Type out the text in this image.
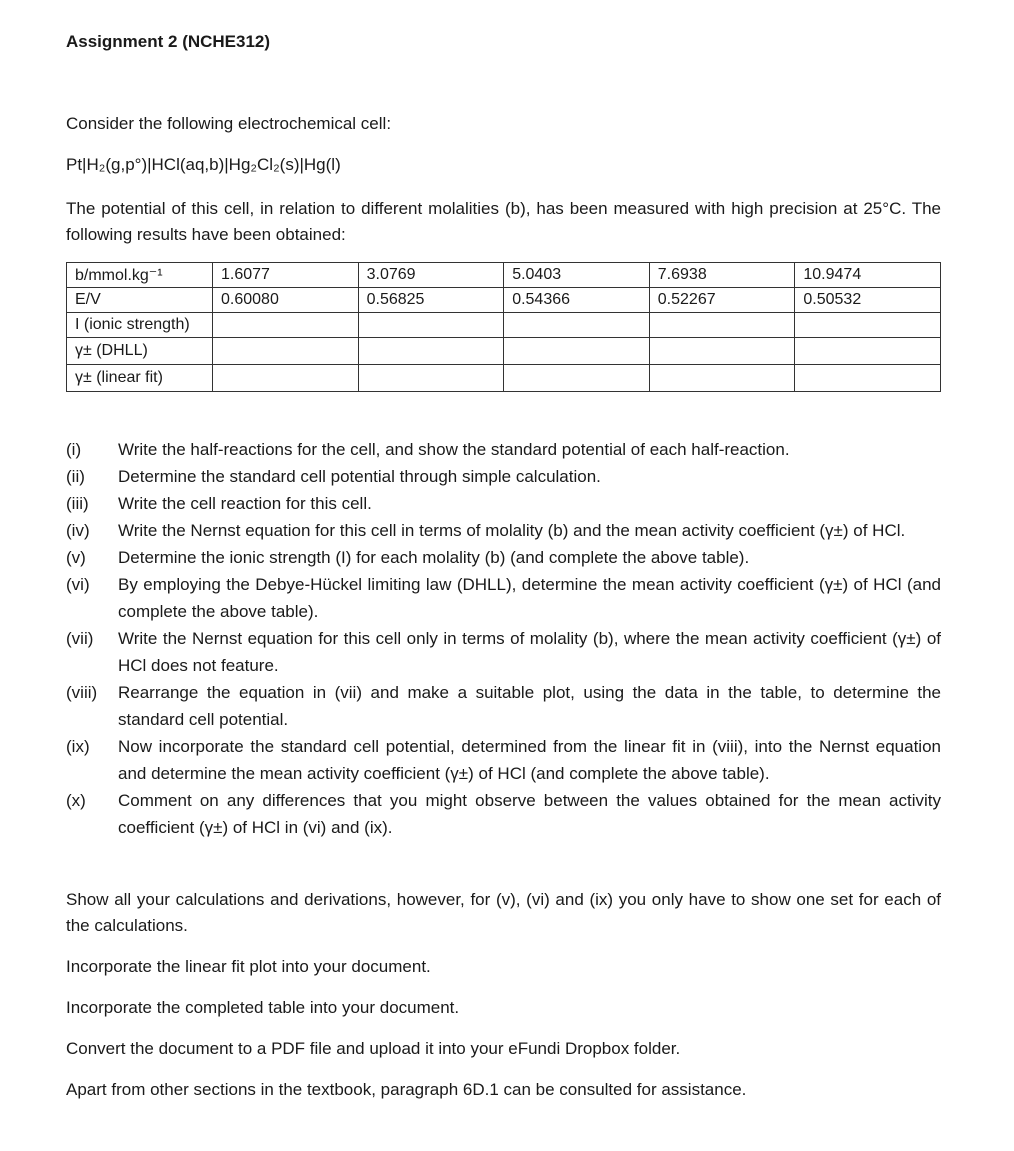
Assignment 2 (NCHE312)
Consider the following electrochemical cell:
Pt|H₂(g,p°)|HCl(aq,b)|Hg₂Cl₂(s)|Hg(l)
The potential of this cell, in relation to different molalities (b), has been measured with high precision at 25°C. The following results have been obtained:
b/mmol.kg⁻¹	1.6077	3.0769	5.0403	7.6938	10.9474
E/V	0.60080	0.56825	0.54366	0.52267	0.50532
I (ionic strength)					
γ± (DHLL)					
γ± (linear fit)					
(i) Write the half-reactions for the cell, and show the standard potential of each half-reaction.
(ii) Determine the standard cell potential through simple calculation.
(iii) Write the cell reaction for this cell.
(iv) Write the Nernst equation for this cell in terms of molality (b) and the mean activity coefficient (γ±) of HCl.
(v) Determine the ionic strength (I) for each molality (b) (and complete the above table).
(vi) By employing the Debye-Hückel limiting law (DHLL), determine the mean activity coefficient (γ±) of HCl (and complete the above table).
(vii) Write the Nernst equation for this cell only in terms of molality (b), where the mean activity coefficient (γ±) of HCl does not feature.
(viii) Rearrange the equation in (vii) and make a suitable plot, using the data in the table, to determine the standard cell potential.
(ix) Now incorporate the standard cell potential, determined from the linear fit in (viii), into the Nernst equation and determine the mean activity coefficient (γ±) of HCl (and complete the above table).
(x) Comment on any differences that you might observe between the values obtained for the mean activity coefficient (γ±) of HCl in (vi) and (ix).
Show all your calculations and derivations, however, for (v), (vi) and (ix) you only have to show one set for each of the calculations.
Incorporate the linear fit plot into your document.
Incorporate the completed table into your document.
Convert the document to a PDF file and upload it into your eFundi Dropbox folder.
Apart from other sections in the textbook, paragraph 6D.1 can be consulted for assistance.
